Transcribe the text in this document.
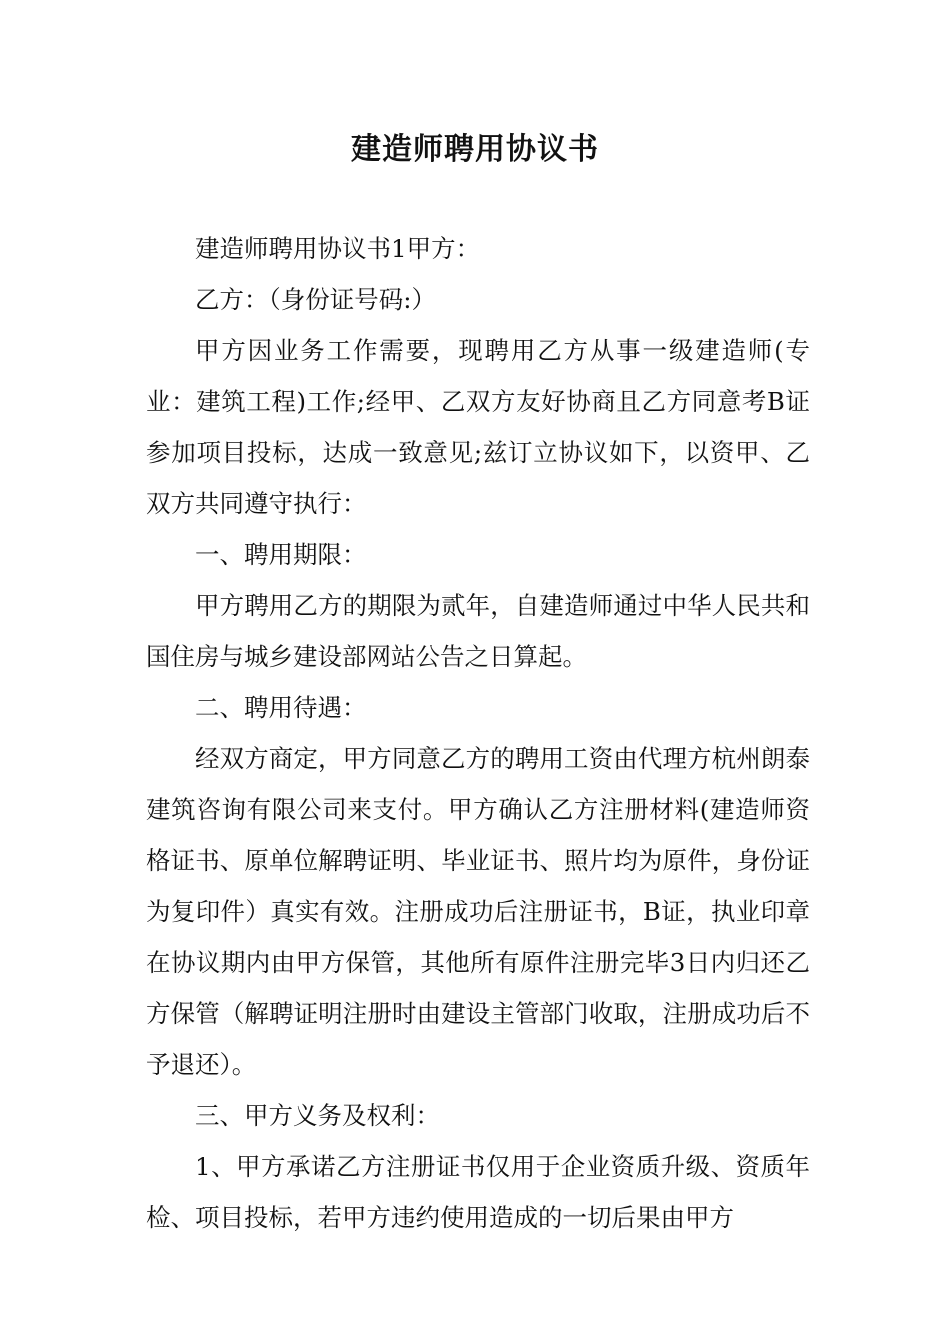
建造师聘用协议书

建造师聘用协议书1甲方：

乙方：（身份证号码:）

甲方因业务工作需要，现聘用乙方从事一级建造师(专业：建筑工程)工作;经甲、乙双方友好协商且乙方同意考B证参加项目投标，达成一致意见;兹订立协议如下，以资甲、乙双方共同遵守执行：

一、聘用期限：

甲方聘用乙方的期限为贰年，自建造师通过中华人民共和国住房与城乡建设部网站公告之日算起。

二、聘用待遇：

经双方商定，甲方同意乙方的聘用工资由代理方杭州朗泰建筑咨询有限公司来支付。甲方确认乙方注册材料(建造师资格证书、原单位解聘证明、毕业证书、照片均为原件，身份证为复印件）真实有效。注册成功后注册证书，B证，执业印章在协议期内由甲方保管，其他所有原件注册完毕3日内归还乙方保管（解聘证明注册时由建设主管部门收取，注册成功后不予退还）。

三、甲方义务及权利：

1、甲方承诺乙方注册证书仅用于企业资质升级、资质年检、项目投标，若甲方违约使用造成的一切后果由甲方
